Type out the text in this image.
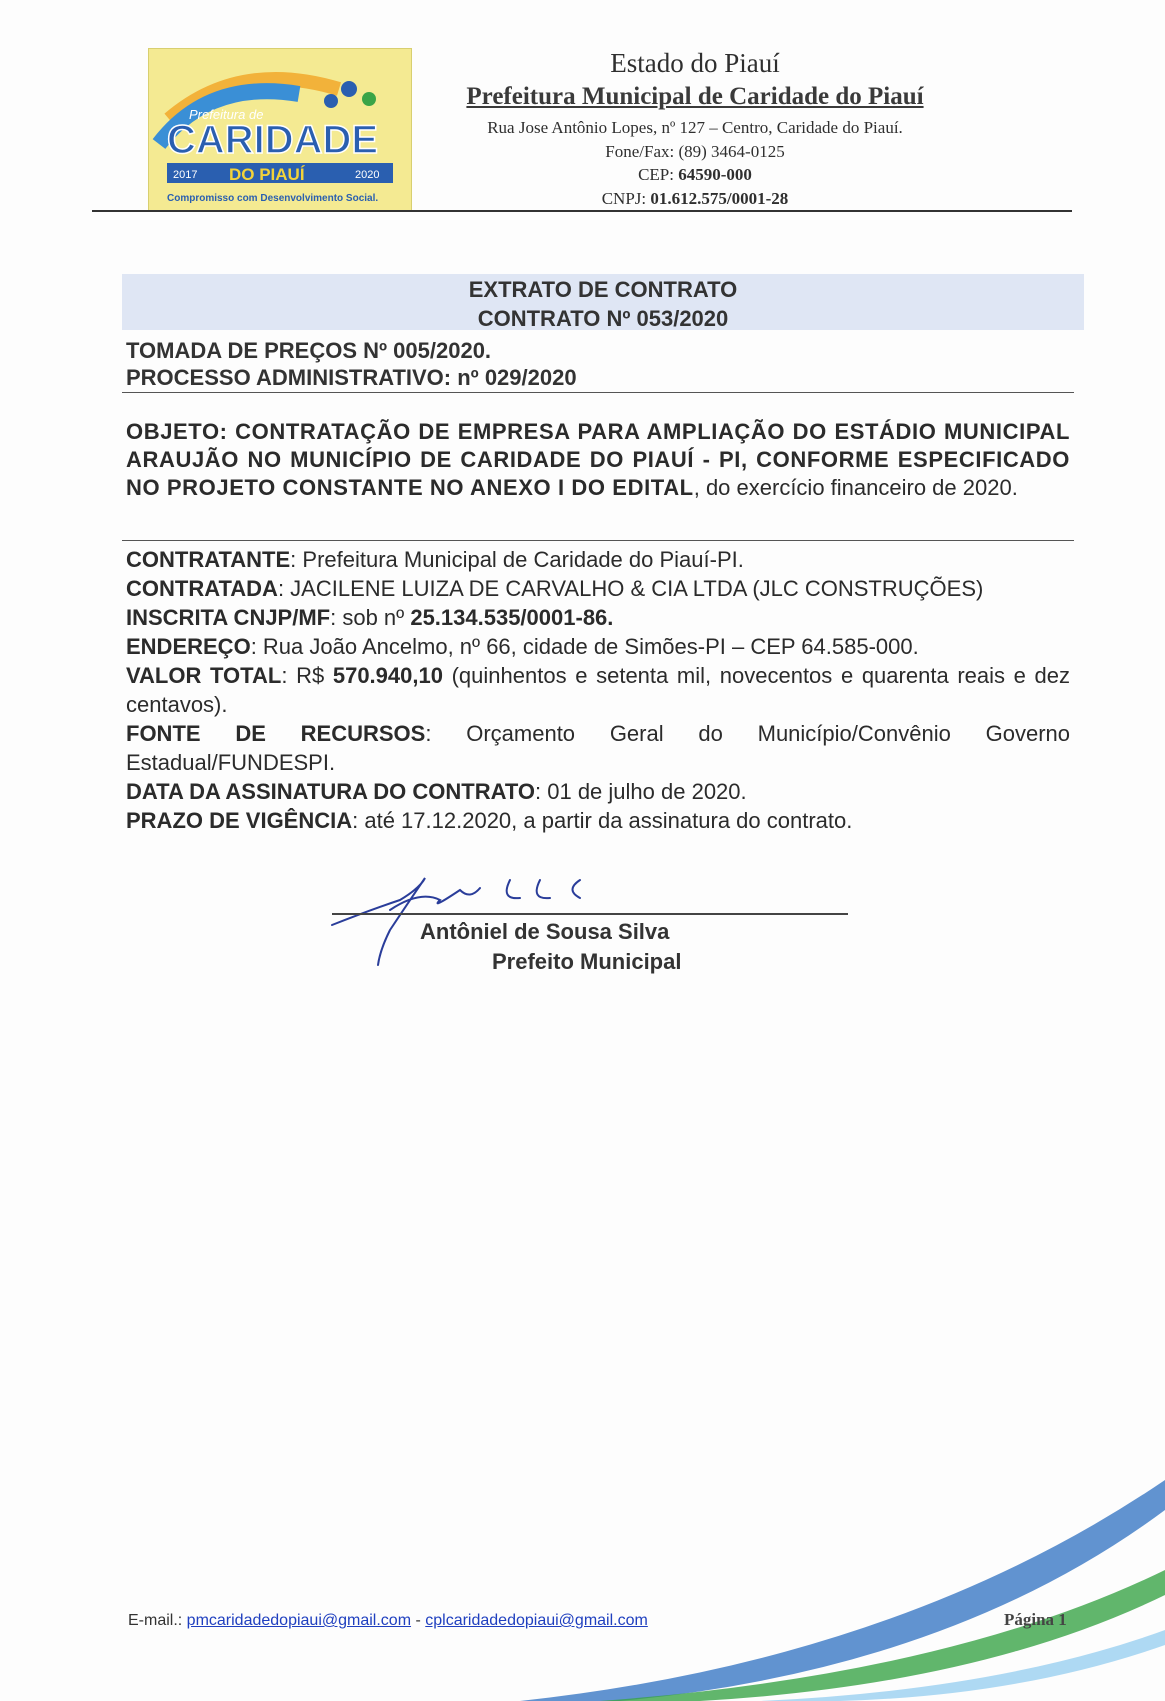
Prefeitura de
CARIDADE
2017 DO PIAUÍ	2020
Compromisso com Desenvolvimento Social.
Estado do Piauí
Prefeitura Municipal de Caridade do Piauí
Rua Jose Antônio Lopes, nº 127 – Centro, Caridade do Piauí.
Fone/Fax: (89) 3464-0125
CEP: 64590-000
CNPJ: 01.612.575/0001-28
EXTRATO DE CONTRATO
CONTRATO Nº 053/2020
TOMADA DE PREÇOS Nº 005/2020.
PROCESSO ADMINISTRATIVO: nº 029/2020
OBJETO: CONTRATAÇÃO DE EMPRESA PARA AMPLIAÇÃO DO ESTÁDIO MUNICIPAL ARAUJÃO NO MUNICÍPIO DE CARIDADE DO PIAUÍ - PI, CONFORME ESPECIFICADO NO PROJETO CONSTANTE NO ANEXO I DO EDITAL, do exercício financeiro de 2020.

CONTRATANTE: Prefeitura Municipal de Caridade do Piauí-PI.

CONTRATADA: JACILENE LUIZA DE CARVALHO & CIA LTDA (JLC CONSTRUÇÕES)

INSCRITA CNJP/MF: sob nº 25.134.535/0001-86.

ENDEREÇO: Rua João Ancelmo, nº 66, cidade de Simões-PI – CEP 64.585-000.

VALOR TOTAL: R$ 570.940,10 (quinhentos e setenta mil, novecentos e quarenta reais e dez centavos).

FONTE DE RECURSOS: Orçamento Geral do Município/Convênio Governo Estadual/FUNDESPI.

DATA DA ASSINATURA DO CONTRATO: 01 de julho de 2020.

PRAZO DE VIGÊNCIA: até 17.12.2020, a partir da assinatura do contrato.

Antôniel de Sousa Silva
Prefeito Municipal
E-mail.: pmcaridadedopiaui@gmail.com - cplcaridadedopiaui@gmail.com	Página 1
